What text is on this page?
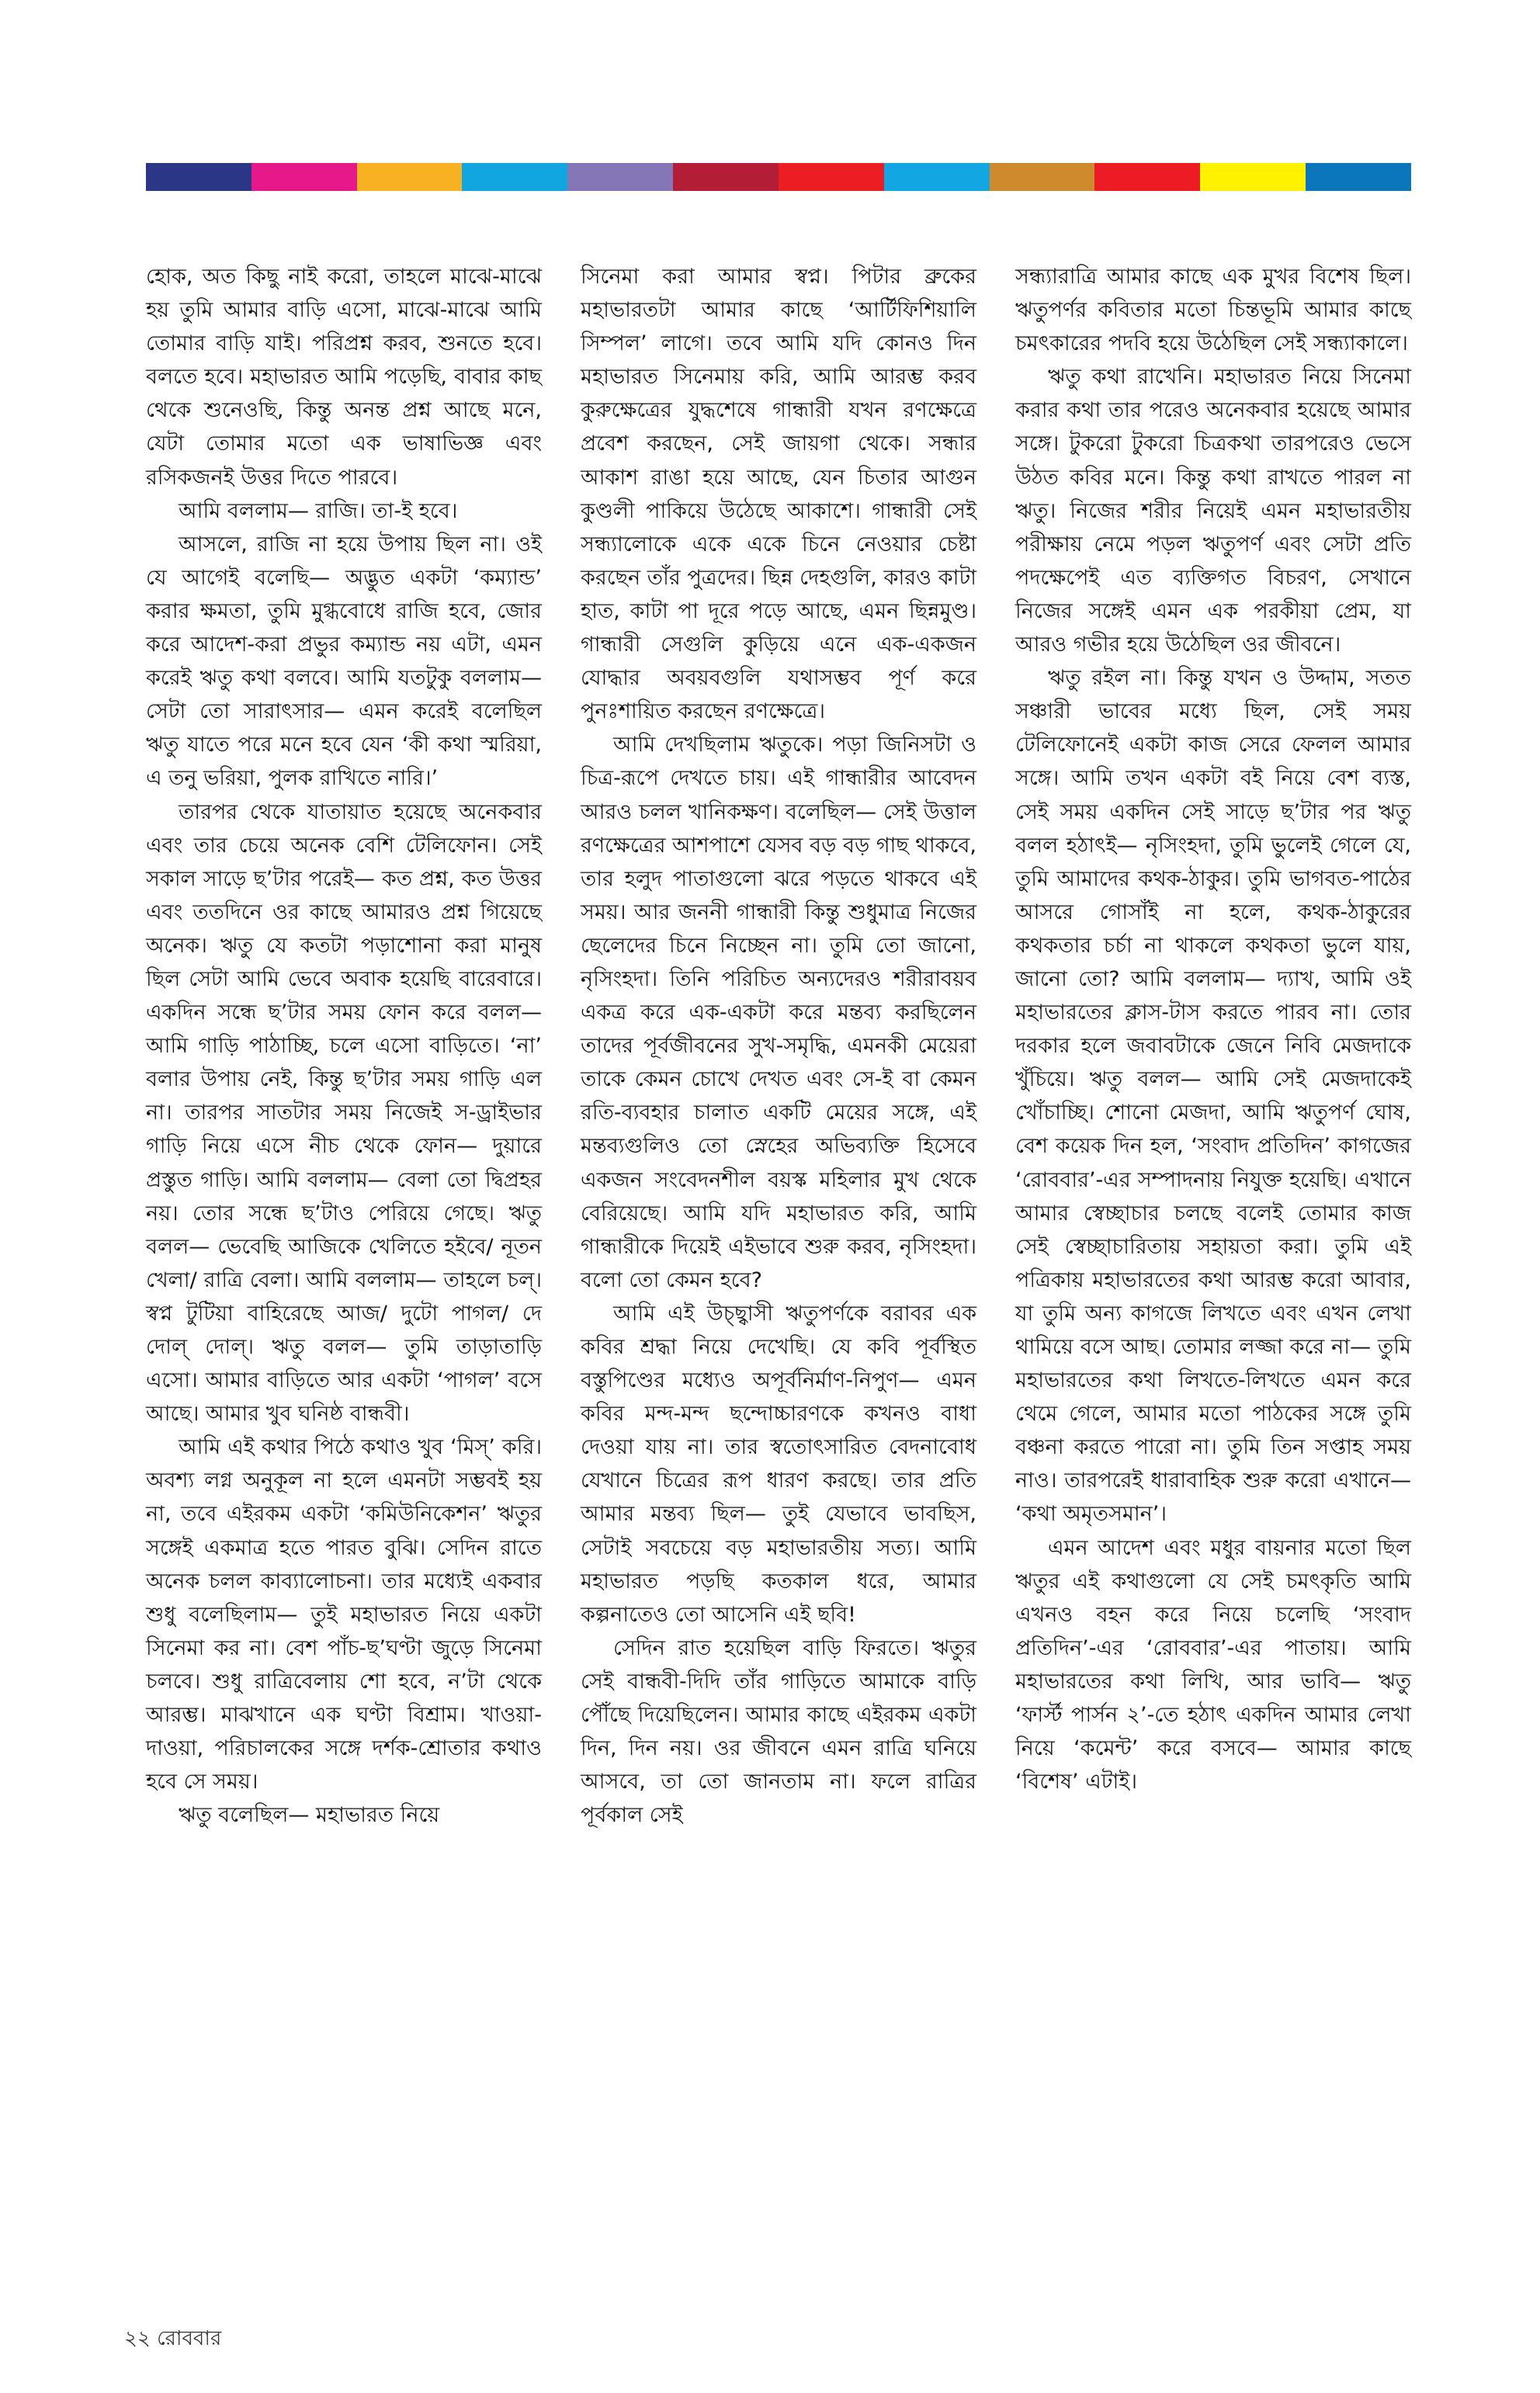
হোক, অত কিছু নাই করো, তাহলে মাঝে-মাঝে হয় তুমি আমার বাড়ি এসো, মাঝে-মাঝে আমি তোমার বাড়ি যাই। পরিপ্রশ্ন করব, শুনতে হবে। বলতে হবে। মহাভারত আমি পড়েছি, বাবার কাছ থেকে শুনেওছি, কিন্তু অনন্ত প্রশ্ন আছে মনে, যেটা তোমার মতো এক ভাষাভিজ্ঞ এবং রসিকজনই উত্তর দিতে পারবে।

আমি বললাম— রাজি। তা-ই হবে।

আসলে, রাজি না হয়ে উপায় ছিল না। ওই যে আগেই বলেছি— অদ্ভুত একটা ‘কম্যান্ড’ করার ক্ষমতা, তুমি মুগ্ধবোধে রাজি হবে, জোর করে আদেশ-করা প্রভুর কম্যান্ড নয় এটা, এমন করেই ঋতু কথা বলবে। আমি যতটুকু বললাম— সেটা তো সারাৎসার— এমন করেই বলেছিল ঋতু যাতে পরে মনে হবে যেন ‘কী কথা স্মরিয়া, এ তনু ভরিয়া, পুলক রাখিতে নারি।’

তারপর থেকে যাতায়াত হয়েছে অনেকবার এবং তার চেয়ে অনেক বেশি টেলিফোন। সেই সকাল সাড়ে ছ’টার পরেই— কত প্রশ্ন, কত উত্তর এবং ততদিনে ওর কাছে আমারও প্রশ্ন গিয়েছে অনেক। ঋতু যে কতটা পড়াশোনা করা মানুষ ছিল সেটা আমি ভেবে অবাক হয়েছি বারেবারে। একদিন সন্ধে ছ’টার সময় ফোন করে বলল— আমি গাড়ি পাঠাচ্ছি, চলে এসো বাড়িতে। ‘না’ বলার উপায় নেই, কিন্তু ছ’টার সময় গাড়ি এল না। তারপর সাতটার সময় নিজেই স-ড্রাইভার গাড়ি নিয়ে এসে নীচ থেকে ফোন— দুয়ারে প্রস্তুত গাড়ি। আমি বললাম— বেলা তো দ্বিপ্রহর নয়। তোর সন্ধে ছ’টাও পেরিয়ে গেছে। ঋতু বলল— ভেবেছি আজিকে খেলিতে হইবে/ নূতন খেলা/ রাত্রি বেলা। আমি বললাম— তাহলে চল্। স্বপ্ন টুটিয়া বাহিরেছে আজ/ দুটো পাগল/ দে দোল্ দোল্। ঋতু বলল— তুমি তাড়াতাড়ি এসো। আমার বাড়িতে আর একটা ‘পাগল’ বসে আছে। আমার খুব ঘনিষ্ঠ বান্ধবী।

আমি এই কথার পিঠে কথাও খুব ‘মিস্’ করি। অবশ্য লগ্ন অনুকূল না হলে এমনটা সম্ভবই হয় না, তবে এইরকম একটা ‘কমিউনিকেশন’ ঋতুর সঙ্গেই একমাত্র হতে পারত বুঝি। সেদিন রাতে অনেক চলল কাব্যালোচনা। তার মধ্যেই একবার শুধু বলেছিলাম— তুই মহাভারত নিয়ে একটা সিনেমা কর না। বেশ পাঁচ-ছ’ঘণ্টা জুড়ে সিনেমা চলবে। শুধু রাত্রিবেলায় শো হবে, ন’টা থেকে আরম্ভ। মাঝখানে এক ঘণ্টা বিশ্রাম। খাওয়া-দাওয়া, পরিচালকের সঙ্গে দর্শক-শ্রোতার কথাও হবে সে সময়।

ঋতু বলেছিল— মহাভারত নিয়ে

সিনেমা করা আমার স্বপ্ন। পিটার ব্রুকের মহাভারতটা আমার কাছে ‘আর্টিফিশিয়ালি সিম্পল’ লাগে। তবে আমি যদি কোনও দিন মহাভারত সিনেমায় করি, আমি আরম্ভ করব কুরুক্ষেত্রের যুদ্ধশেষে গান্ধারী যখন রণক্ষেত্রে প্রবেশ করছেন, সেই জায়গা থেকে। সন্ধার আকাশ রাঙা হয়ে আছে, যেন চিতার আগুন কুণ্ডলী পাকিয়ে উঠেছে আকাশে। গান্ধারী সেই সন্ধ্যালোকে একে একে চিনে নেওয়ার চেষ্টা করছেন তাঁর পুত্রদের। ছিন্ন দেহগুলি, কারও কাটা হাত, কাটা পা দূরে পড়ে আছে, এমন ছিন্নমুণ্ড। গান্ধারী সেগুলি কুড়িয়ে এনে এক-একজন যোদ্ধার অবয়বগুলি যথাসম্ভব পূর্ণ করে পুনঃশায়িত করছেন রণক্ষেত্রে।

আমি দেখছিলাম ঋতুকে। পড়া জিনিসটা ও চিত্র-রূপে দেখতে চায়। এই গান্ধারীর আবেদন আরও চলল খানিকক্ষণ। বলেছিল— সেই উত্তাল রণক্ষেত্রের আশপাশে যেসব বড় বড় গাছ থাকবে, তার হলুদ পাতাগুলো ঝরে পড়তে থাকবে এই সময়। আর জননী গান্ধারী কিন্তু শুধুমাত্র নিজের ছেলেদের চিনে নিচ্ছেন না। তুমি তো জানো, নৃসিংহদা। তিনি পরিচিত অন্যদেরও শরীরাবয়ব একত্র করে এক-একটা করে মন্তব্য করছিলেন তাদের পূর্বজীবনের সুখ-সমৃদ্ধি, এমনকী মেয়েরা তাকে কেমন চোখে দেখত এবং সে-ই বা কেমন রতি-ব্যবহার চালাত একটি মেয়ের সঙ্গে, এই মন্তব্যগুলিও তো স্নেহের অভিব্যক্তি হিসেবে একজন সংবেদনশীল বয়স্ক মহিলার মুখ থেকে বেরিয়েছে। আমি যদি মহাভারত করি, আমি গান্ধারীকে দিয়েই এইভাবে শুরু করব, নৃসিংহদা। বলো তো কেমন হবে?

আমি এই উচ্ছ্বাসী ঋতুপর্ণকে বরাবর এক কবির শ্রদ্ধা নিয়ে দেখেছি। যে কবি পূর্বস্থিত বস্তুপিণ্ডের মধ্যেও অপূর্বনির্মাণ-নিপুণ— এমন কবির মন্দ-মন্দ ছন্দোচ্চারণকে কখনও বাধা দেওয়া যায় না। তার স্বতোৎসারিত বেদনাবোধ যেখানে চিত্রের রূপ ধারণ করছে। তার প্রতি আমার মন্তব্য ছিল— তুই যেভাবে ভাবছিস, সেটাই সবচেয়ে বড় মহাভারতীয় সত্য। আমি মহাভারত পড়ছি কতকাল ধরে, আমার কল্পনাতেও তো আসেনি এই ছবি!

সেদিন রাত হয়েছিল বাড়ি ফিরতে। ঋতুর সেই বান্ধবী-দিদি তাঁর গাড়িতে আমাকে বাড়ি পৌঁছে দিয়েছিলেন। আমার কাছে এইরকম একটা দিন, দিন নয়। ওর জীবনে এমন রাত্রি ঘনিয়ে আসবে, তা তো জানতাম না। ফলে রাত্রির পূর্বকাল সেই

সন্ধ্যারাত্রি আমার কাছে এক মুখর বিশেষ ছিল। ঋতুপর্ণর কবিতার মতো চিন্তভূমি আমার কাছে চমৎকারের পদবি হয়ে উঠেছিল সেই সন্ধ্যাকালে।

ঋতু কথা রাখেনি। মহাভারত নিয়ে সিনেমা করার কথা তার পরেও অনেকবার হয়েছে আমার সঙ্গে। টুকরো টুকরো চিত্রকথা তারপরেও ভেসে উঠত কবির মনে। কিন্তু কথা রাখতে পারল না ঋতু। নিজের শরীর নিয়েই এমন মহাভারতীয় পরীক্ষায় নেমে পড়ল ঋতুপর্ণ এবং সেটা প্রতি পদক্ষেপেই এত ব্যক্তিগত বিচরণ, সেখানে নিজের সঙ্গেই এমন এক পরকীয়া প্রেম, যা আরও গভীর হয়ে উঠেছিল ওর জীবনে।

ঋতু রইল না। কিন্তু যখন ও উদ্দাম, সতত সঞ্চারী ভাবের মধ্যে ছিল, সেই সময় টেলিফোনেই একটা কাজ সেরে ফেলল আমার সঙ্গে। আমি তখন একটা বই নিয়ে বেশ ব্যস্ত, সেই সময় একদিন সেই সাড়ে ছ’টার পর ঋতু বলল হঠাৎই— নৃসিংহদা, তুমি ভুলেই গেলে যে, তুমি আমাদের কথক-ঠাকুর। তুমি ভাগবত-পাঠের আসরে গোসাঁই না হলে, কথক-ঠাকুরের কথকতার চর্চা না থাকলে কথকতা ভুলে যায়, জানো তো? আমি বললাম— দ্যাখ, আমি ওই মহাভারতের ক্লাস-টাস করতে পারব না। তোর দরকার হলে জবাবটাকে জেনে নিবি মেজদাকে খুঁচিয়ে। ঋতু বলল— আমি সেই মেজদাকেই খোঁচাচ্ছি। শোনো মেজদা, আমি ঋতুপর্ণ ঘোষ, বেশ কয়েক দিন হল, ‘সংবাদ প্রতিদিন’ কাগজের ‘রোববার’-এর সম্পাদনায় নিযুক্ত হয়েছি। এখানে আমার স্বেচ্ছাচার চলছে বলেই তোমার কাজ সেই স্বেচ্ছাচারিতায় সহায়তা করা। তুমি এই পত্রিকায় মহাভারতের কথা আরম্ভ করো আবার, যা তুমি অন্য কাগজে লিখতে এবং এখন লেখা থামিয়ে বসে আছ। তোমার লজ্জা করে না— তুমি মহাভারতের কথা লিখতে-লিখতে এমন করে থেমে গেলে, আমার মতো পাঠকের সঙ্গে তুমি বঞ্চনা করতে পারো না। তুমি তিন সপ্তাহ সময় নাও। তারপরেই ধারাবাহিক শুরু করো এখানে— ‘কথা অমৃতসমান’।

এমন আদেশ এবং মধুর বায়নার মতো ছিল ঋতুর এই কথাগুলো যে সেই চমৎকৃতি আমি এখনও বহন করে নিয়ে চলেছি ‘সংবাদ প্রতিদিন’-এর ‘রোববার’-এর পাতায়। আমি মহাভারতের কথা লিখি, আর ভাবি— ঋতু ‘ফার্স্ট পার্সন ২’-তে হঠাৎ একদিন আমার লেখা নিয়ে ‘কমেন্ট’ করে বসবে— আমার কাছে ‘বিশেষ’ এটাই।

২২ রোববার
